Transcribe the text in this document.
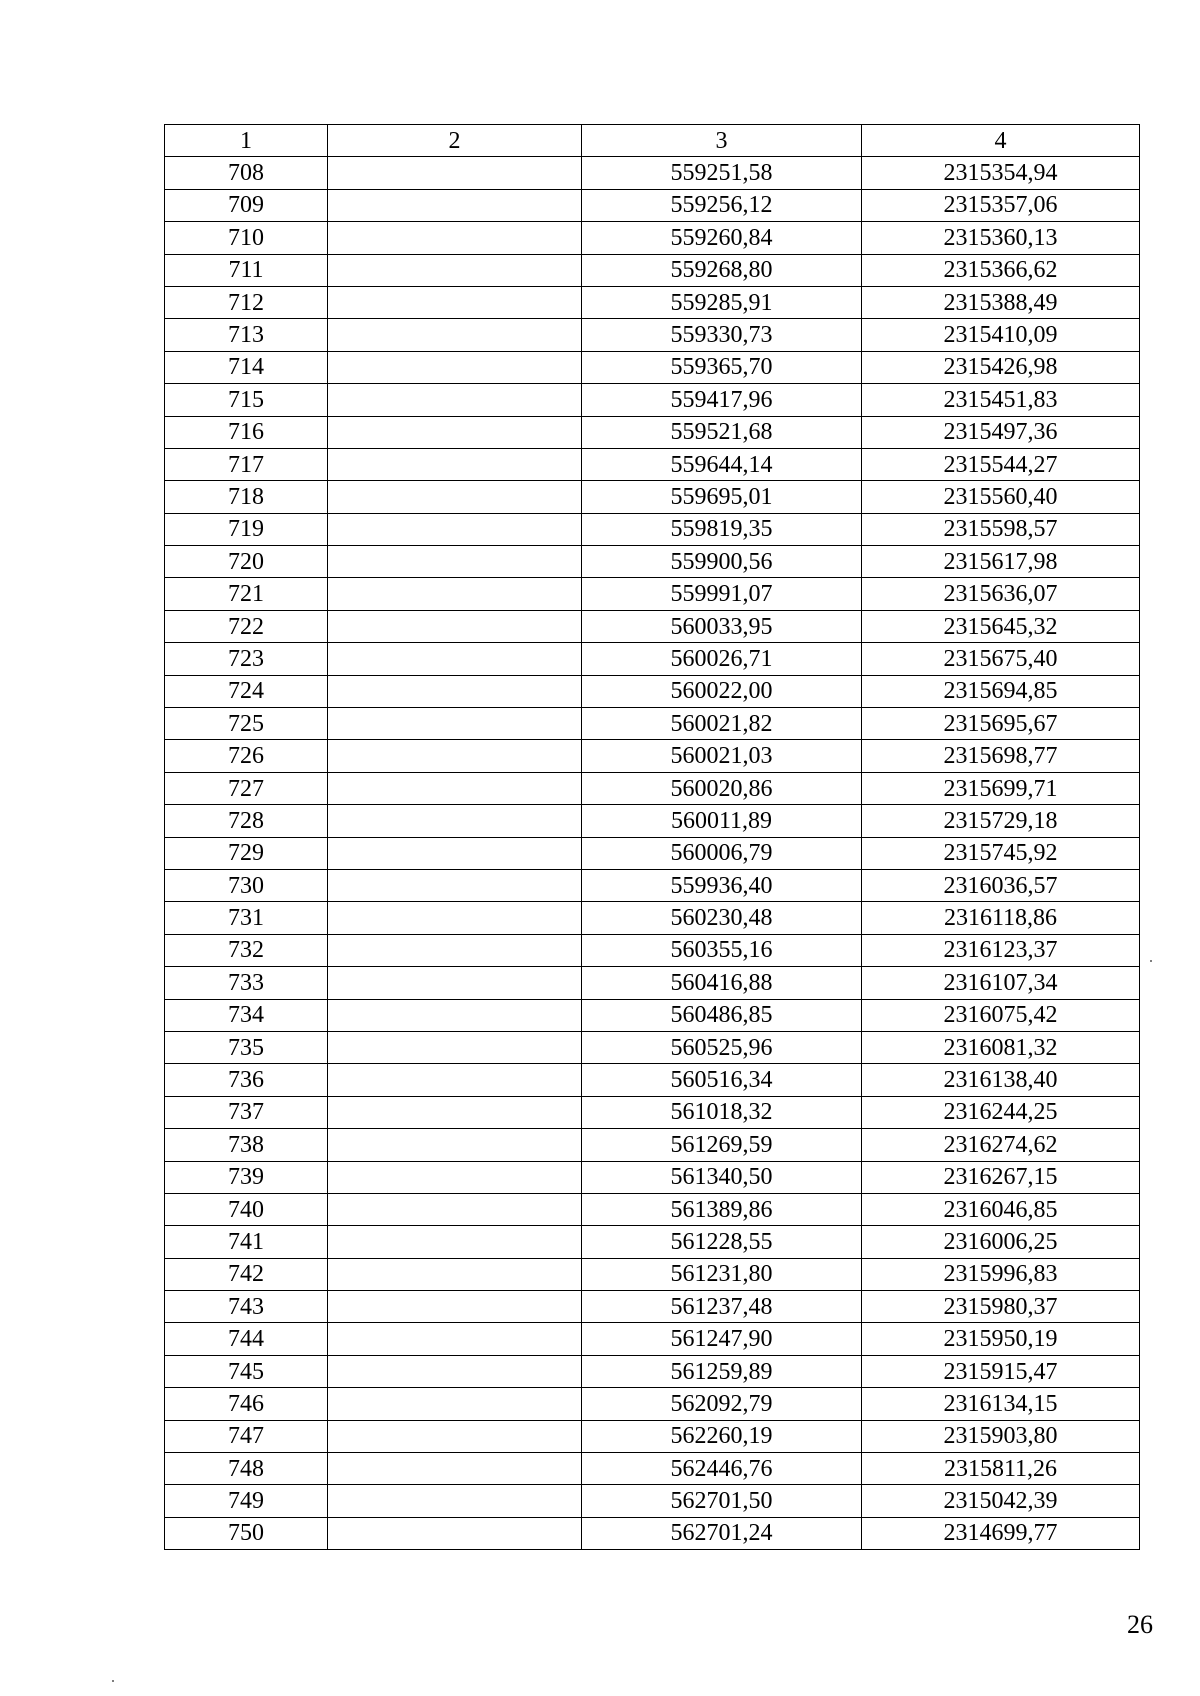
1	2	3	4
708		559251,58	2315354,94
709		559256,12	2315357,06
710		559260,84	2315360,13
711		559268,80	2315366,62
712		559285,91	2315388,49
713		559330,73	2315410,09
714		559365,70	2315426,98
715		559417,96	2315451,83
716		559521,68	2315497,36
717		559644,14	2315544,27
718		559695,01	2315560,40
719		559819,35	2315598,57
720		559900,56	2315617,98
721		559991,07	2315636,07
722		560033,95	2315645,32
723		560026,71	2315675,40
724		560022,00	2315694,85
725		560021,82	2315695,67
726		560021,03	2315698,77
727		560020,86	2315699,71
728		560011,89	2315729,18
729		560006,79	2315745,92
730		559936,40	2316036,57
731		560230,48	2316118,86
732		560355,16	2316123,37
733		560416,88	2316107,34
734		560486,85	2316075,42
735		560525,96	2316081,32
736		560516,34	2316138,40
737		561018,32	2316244,25
738		561269,59	2316274,62
739		561340,50	2316267,15
740		561389,86	2316046,85
741		561228,55	2316006,25
742		561231,80	2315996,83
743		561237,48	2315980,37
744		561247,90	2315950,19
745		561259,89	2315915,47
746		562092,79	2316134,15
747		562260,19	2315903,80
748		562446,76	2315811,26
749		562701,50	2315042,39
750		562701,24	2314699,77
26
